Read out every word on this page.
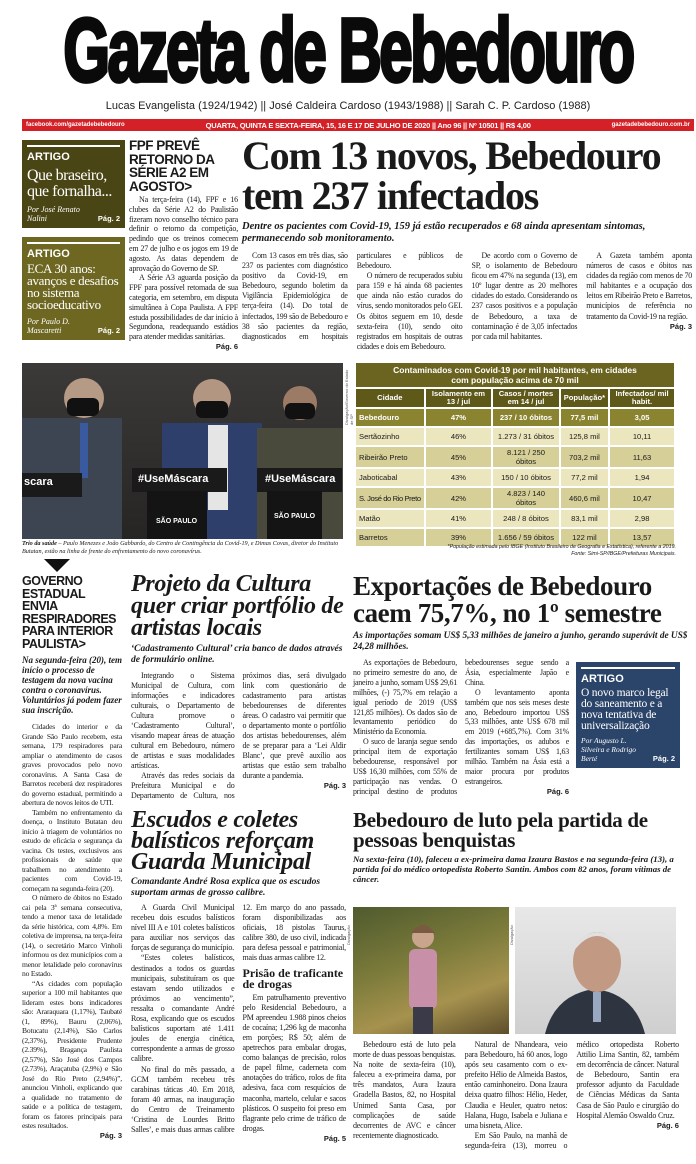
Gazeta de Bebedouro
Lucas Evangelista (1924/1942) || José Caldeira Cardoso (1943/1988) || Sarah C. P. Cardoso (1988)
facebook.com/gazetadebebedouro	QUARTA, QUINTA E SEXTA-FEIRA, 15, 16 E 17 DE JULHO DE 2020 || Ano 96 || Nº 10501 || R$ 4,00	gazetadebebedouro.com.br
ARTIGO
Que braseiro, que fornalha...
Por José Renato Nalini	Pág. 2
ARTIGO
ECA 30 anos: avanços e desafios no sistema socioeducativo
Por Paulo D. Mascaretti	Pág. 2
FPF PREVÊ RETORNO DA SÉRIE A2 EM AGOSTO>

Na terça-feira (14), FPF e 16 clubes da Série A2 do Paulistão fizeram novo conselho técnico para definir o retorno da competição, pedindo que os treinos comecem em 27 de julho e os jogos em 19 de agosto. As datas dependem de aprovação do Governo de SP.

A Série A3 aguarda posição da FPF para possível retomada de sua categoria, em setembro, em disputa simultânea à Copa Paulista. A FPF estuda possibilidades de dar início à Segundona, readequando estádios para atender medidas sanitárias.

Pág. 6
Com 13 novos, Bebedouro tem 237 infectados
Dentre os pacientes com Covid-19, 159 já estão recuperados e 68 ainda apresentam sintomas, permanecendo sob monitoramento.

Com 13 casos em três dias, são 237 os pacientes com diagnóstico positivo da Covid-19, em Bebedouro, segundo boletim da Vigilância Epidemiológica de terça-feira (14). Do total de infectados, 199 são de Bebedouro e 38 são pacientes da região, diagnosticados em hospitais particulares e públicos de Bebedouro.

O número de recuperados subiu para 159 e há ainda 68 pacientes que ainda não estão curados do vírus, sendo monitorados pelo GEI. Os óbitos seguem em 10, desde sexta-feira (10), sendo oito registrados em hospitais de outras cidades e dois em Bebedouro.

De acordo com o Governo de SP, o isolamento de Bebedouro ficou em 47% na segunda (13), em 10º lugar dentre as 20 melhores cidades do estado. Considerando os 237 casos positivos e a população de Bebedouro, a taxa de contaminação é de 3,05 infectados por cada mil habitantes.

A Gazeta também aponta números de casos e óbitos nas cidades da região com menos de 70 mil habitantes e a ocupação dos leitos em Ribeirão Preto e Barretos, municípios de referência no tratamento da Covid-19 na região.

Pág. 3
scara	#UseMáscara	#UseMáscara
SÃO PAULO
SÃO PAULO
Divulgação/Governo do Estado de SP
Trio da saúde – Paulo Menezes e João Gabbardo, do Centro de Contingência da Covid-19, e Dimas Covas, diretor do Instituto Butatan, estão na linha de frente do enfrentamento do novo coronavírus.
Contaminados com Covid-19 por mil habitantes, em cidades com população acima de 70 mil
Cidade	Isolamento em 13 / jul	Casos / mortes em 14 / jul	População*	Infectados/ mil habit.
Bebedouro	47%	237 / 10 óbitos	77,5 mil	3,05
Sertãozinho	46%	1.273 / 31 óbitos	125,8 mil	10,11
Ribeirão Preto	45%	8.121 / 250 óbitos	703,2 mil	11,63
Jaboticabal	43%	150 / 10 óbitos	77,2 mil	1,94
S. José do Rio Preto	42%	4.823 / 140 óbitos	460,6 mil	10,47
Matão	41%	248 / 8 óbitos	83,1 mil	2,98
Barretos	39%	1.656 / 59 óbitos	122 mil	13,57
*População estimada pelo IBGE (Instituto Brasileiro de Geografia e Estatística), referente a 2019.
Fonte: Simi-SP/IBGE/Prefeituras Municipais.
GOVERNO ESTADUAL ENVIA RESPIRADORES PARA INTERIOR PAULISTA>
Na segunda-feira (20), tem início o processo de testagem da nova vacina contra o coronavírus. Voluntários já podem fazer sua inscrição.

Cidades do interior e da Grande São Paulo recebem, esta semana, 179 respiradores para ampliar o atendimento de casos graves provocados pelo novo coronavírus. A Santa Casa de Barretos receberá dez respiradores do governo estadual, permitindo a abertura de novos leitos de UTI.

Também no enfrentamento da doença, o Instituto Butatan deu início à triagem de voluntários no estudo de eficácia e segurança da vacina. Os testes, exclusivos aos profissionais de saúde que trabalhem no atendimento a pacientes com Covid-19, começam na segunda-feira (20).

O número de óbitos no Estado cai pela 3ª semana consecutiva, tendo a menor taxa de letalidade da série histórica, com 4,8%. Em coletiva de imprensa, na terça-feira (14), o secretário Marco Vinholi informou os dez municípios com a menor letalidade pelo coronavírus no Estado.

“As cidades com população superior a 100 mil habitantes que lideram estes bons indicadores são: Araraquara (1,17%), Taubaté (1, 89%), Bauru (2,06%), Botucatu (2,14%), São Carlos (2,37%), Presidente Prudente (2.39%), Bragança Paulista (2,57%), São José dos Campos (2.73%), Araçatuba (2,9%) e São José do Rio Preto (2,94%)”, anunciou Vinholi, explicando que a qualidade no tratamento de saúde e a política de testagem, foram os fatores principais para estes resultados.

Pág. 3
Projeto da Cultura quer criar portfólio de artistas locais
‘Cadastramento Cultural’ cria banco de dados através de formulário online.

Integrando o Sistema Municipal de Cultura, com informações e indicadores culturais, o Departamento de Cultura promove o ‘Cadastramento Cultural’, visando mapear áreas de atuação cultural em Bebedouro, número de artistas e suas modalidades artísticas.

Através das redes sociais da Prefeitura Municipal e do Departamento de Cultura, nos próximos dias, será divulgado link com questionário de cadastramento para artistas bebedourenses de diferentes áreas. O cadastro vai permitir que o departamento monte o portfólio dos artistas bebedourenses, além de se preparar para a ‘Lei Aldir Blanc’, que prevê auxílio aos artistas que estão sem trabalho durante a pandemia.

Pág. 3
Exportações de Bebedouro caem 75,7%, no 1º semestre
As importações somam US$ 5,33 milhões de janeiro a junho, gerando superávit de US$ 24,28 milhões.

As exportações de Bebedouro, no primeiro semestre do ano, de janeiro a junho, somam US$ 29,61 milhões, (-) 75,7% em relação a igual período de 2019 (US$ 121,85 milhões). Os dados são de levantamento periódico do Ministério da Economia.

O suco de laranja segue sendo principal item de exportação bebedourense, responsável por US$ 16,30 milhões, com 55% de participação nas vendas. O principal destino de produtos bebedourenses segue sendo a Ásia, especialmente Japão e China.

O levantamento aponta também que nos seis meses deste ano, Bebedouro importou US$ 5,33 milhões, ante US$ 678 mil em 2019 (+685,7%). Com 31% das importações, os adubos e fertilizantes somam US$ 1,63 milhão. Também na Ásia está a maior procura por produtos estrangeiros.

Pág. 6
ARTIGO
O novo marco legal do saneamento e a nova tentativa de universalização
Por Augusto L. Silveira e Rodrigo Berté	Pág. 2
Escudos e coletes balísticos reforçam Guarda Municipal
Comandante André Rosa explica que os escudos suportam armas de grosso calibre.

A Guarda Civil Municipal recebeu dois escudos balísticos nível III A e 101 coletes balísticos para auxiliar nos serviços das forças de segurança do município.

“Estes coletes balísticos, destinados a todos os guardas municipais, substituíram os que estavam sendo utilizados e próximos ao vencimento”, ressalta o comandante André Rosa, explicando que os escudos balísticos suportam até 1.411 joules de energia cinética, correspondente a armas de grosso calibre.

No final do mês passado, a GCM também recebeu três carabinas táticas .40. Em 2018, foram 40 armas, na inauguração do Centro de Treinamento ‘Cristina de Lourdes Britto Salles’, e mais duas armas calibre 12. Em março do ano passado, foram disponibilizadas aos oficiais, 18 pistolas Taurus, calibre 380, de uso civil, indicada para defesa pessoal e patrimonial, mais duas armas calibre 12.

Prisão de traficante de drogas

Em patrulhamento preventivo pelo Residencial Bebedouro, a PM apreendeu 1.988 pinos cheios de cocaína; 1,296 kg de maconha em porções; R$ 50; além de apetrechos para embalar drogas, como balanças de precisão, rolos de papel filme, caderneta com anotações do tráfico, rolos de fita adesiva, faca com resquícios de maconha, martelo, celular e sacos plásticos. O suspeito foi preso em flagrante pelo crime de tráfico de drogas.

Pág. 5
Bebedouro de luto pela partida de pessoas benquistas
Na sexta-feira (10), faleceu a ex-primeira dama Izaura Bastos e na segunda-feira (13), a partida foi do médico ortopedista Roberto Santin. Ambos com 82 anos, foram vítimas de câncer.
Divulgação	Divulgação

Bebedouro está de luto pela morte de duas pessoas benquistas. Na noite de sexta-feira (10), faleceu a ex-primeira dama, por três mandatos, Aura Izaura Gradella Bastos, 82, no Hospital Unimed Santa Casa, por complicações de saúde decorrentes de AVC e câncer recentemente diagnosticado.

Natural de Nhandeara, veio para Bebedouro, há 60 anos, logo após seu casamento com o ex-prefeito Hélio de Almeida Bastos, então caminhoneiro. Dona Izaura deixa quatro filhos: Hélio, Heder, Claudia e Heuler, quatro netos: Halana, Hugo, Isabela e Juliana e uma bisneta, Alice.

Em São Paulo, na manhã de segunda-feira (13), morreu o médico ortopedista Roberto Attilio Lima Santin, 82, também em decorrência de câncer. Natural de Bebedouro, Santin era professor adjunto da Faculdade de Ciências Médicas da Santa Casa de São Paulo e cirurgião do Hospital Alemão Oswaldo Cruz.

Pág. 6
